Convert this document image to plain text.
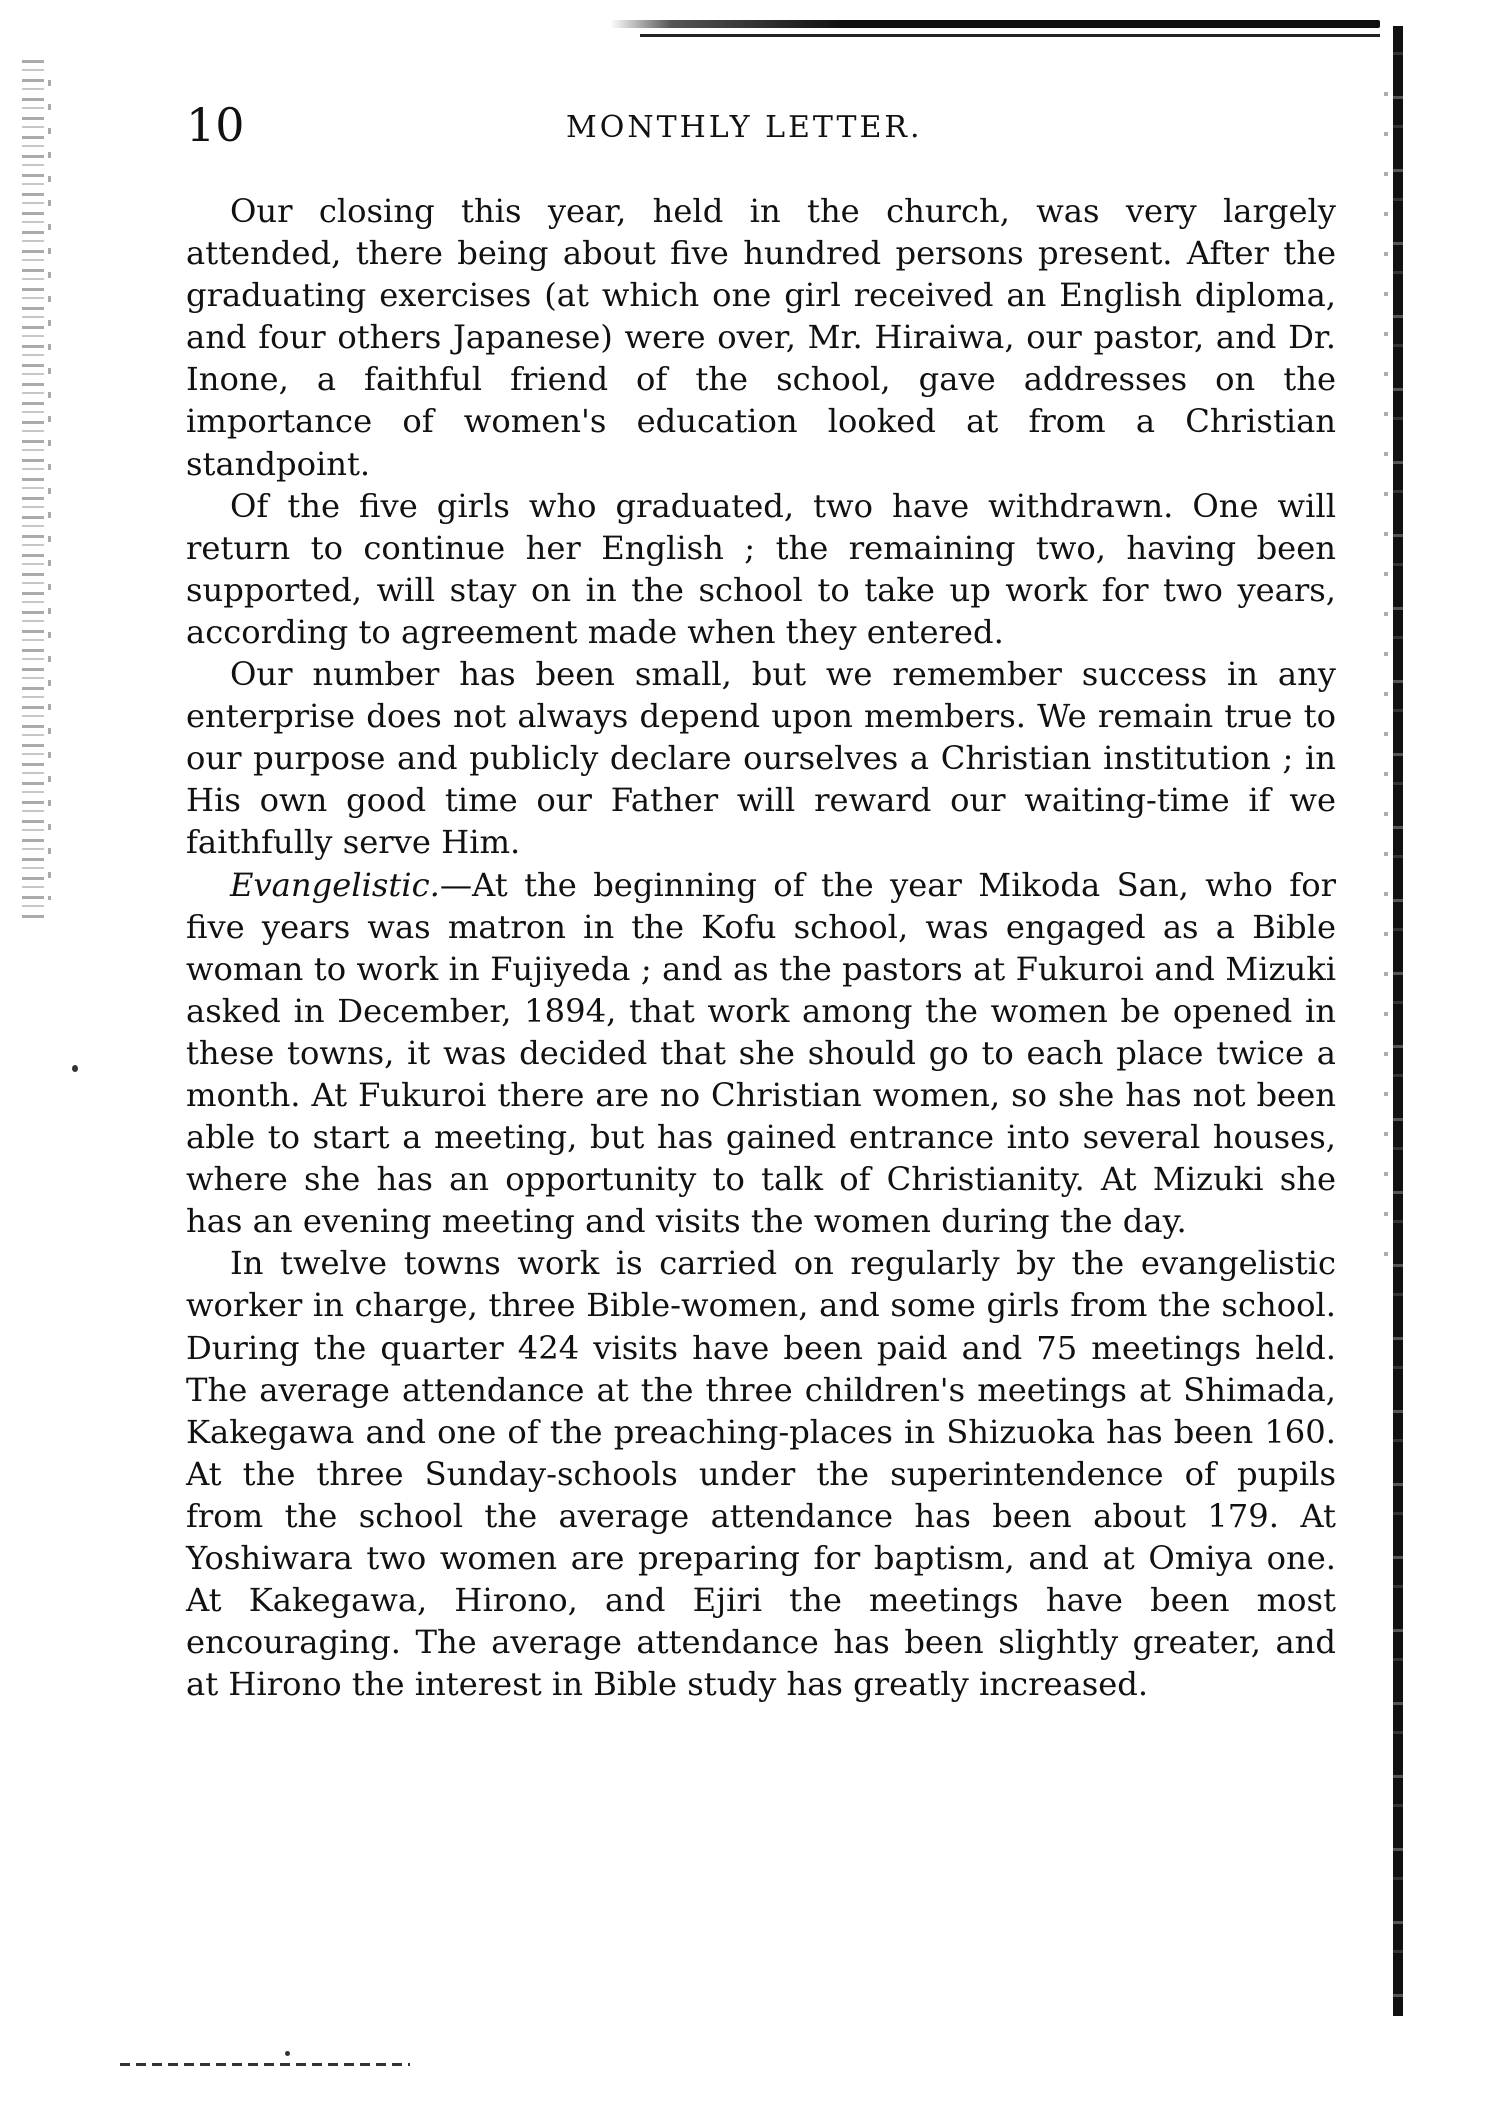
10	MONTHLY LETTER.

Our closing this year, held in the church, was very largely attended, there being about five hundred persons present. After the graduating exercises (at which one girl received an English diploma, and four others Japanese) were over, Mr. Hiraiwa, our pastor, and Dr. Inone, a faithful friend of the school, gave addresses on the importance of women's education looked at from a Christian standpoint.

Of the five girls who graduated, two have withdrawn. One will return to continue her English ; the remaining two, having been supported, will stay on in the school to take up work for two years, according to agreement made when they entered.

Our number has been small, but we remember success in any enterprise does not always depend upon members. We remain true to our purpose and publicly declare ourselves a Christian institution ; in His own good time our Father will reward our waiting-time if we faithfully serve Him.

Evangelistic.—At the beginning of the year Mikoda San, who for five years was matron in the Kofu school, was engaged as a Bible woman to work in Fujiyeda ; and as the pastors at Fukuroi and Mizuki asked in December, 1894, that work among the women be opened in these towns, it was decided that she should go to each place twice a month. At Fukuroi there are no Christian women, so she has not been able to start a meeting, but has gained entrance into several houses, where she has an opportunity to talk of Christianity. At Mizuki she has an evening meeting and visits the women during the day.

In twelve towns work is carried on regularly by the evangelistic worker in charge, three Bible-women, and some girls from the school. During the quarter 424 visits have been paid and 75 meetings held. The average attendance at the three children's meetings at Shimada, Kakegawa and one of the preaching-places in Shizuoka has been 160. At the three Sunday-schools under the superintendence of pupils from the school the average attendance has been about 179. At Yoshiwara two women are preparing for baptism, and at Omiya one. At Kakegawa, Hirono, and Ejiri the meetings have been most encouraging. The average attendance has been slightly greater, and at Hirono the interest in Bible study has greatly increased.
